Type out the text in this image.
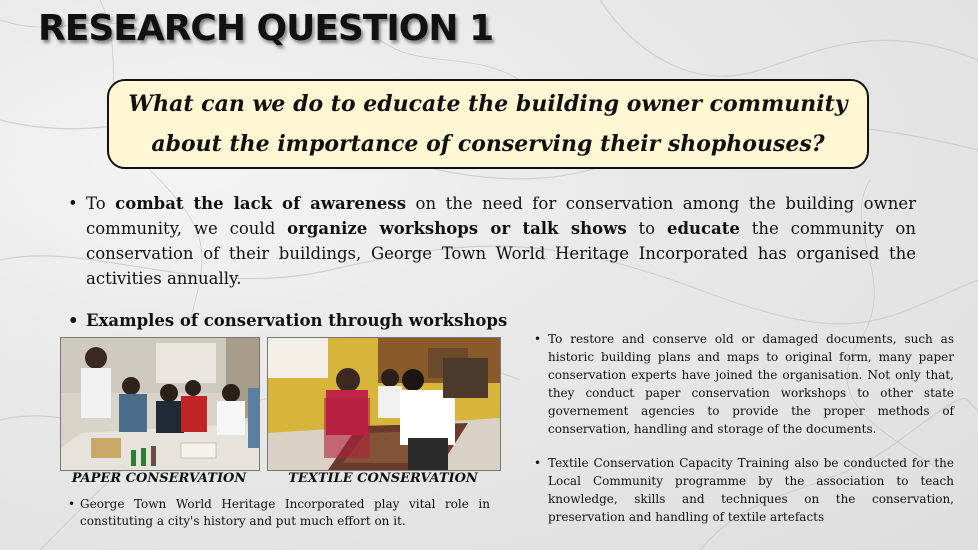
RESEARCH QUESTION 1
What can we do to educate the building owner community
about the importance of conserving their shophouses?
• To combat the lack of awareness on the need for conservation among the building owner community, we could organize workshops or talk shows to educate the community on conservation of their buildings, George Town World Heritage Incorporated has organised the activities annually.
• Examples of conservation through workshops
PAPER CONSERVATION	TEXTILE CONSERVATION
• George Town World Heritage Incorporated play vital role in constituting a city's history and put much effort on it.
• To restore and conserve old or damaged documents, such as historic building plans and maps to original form, many paper conservation experts have joined the organisation. Not only that, they conduct paper conservation workshops to other state governement agencies to provide the proper methods of conservation, handling and storage of the documents.
• Textile Conservation Capacity Training also be conducted for the Local Community programme by the association to teach knowledge, skills and techniques on the conservation, preservation and handling of textile artefacts
